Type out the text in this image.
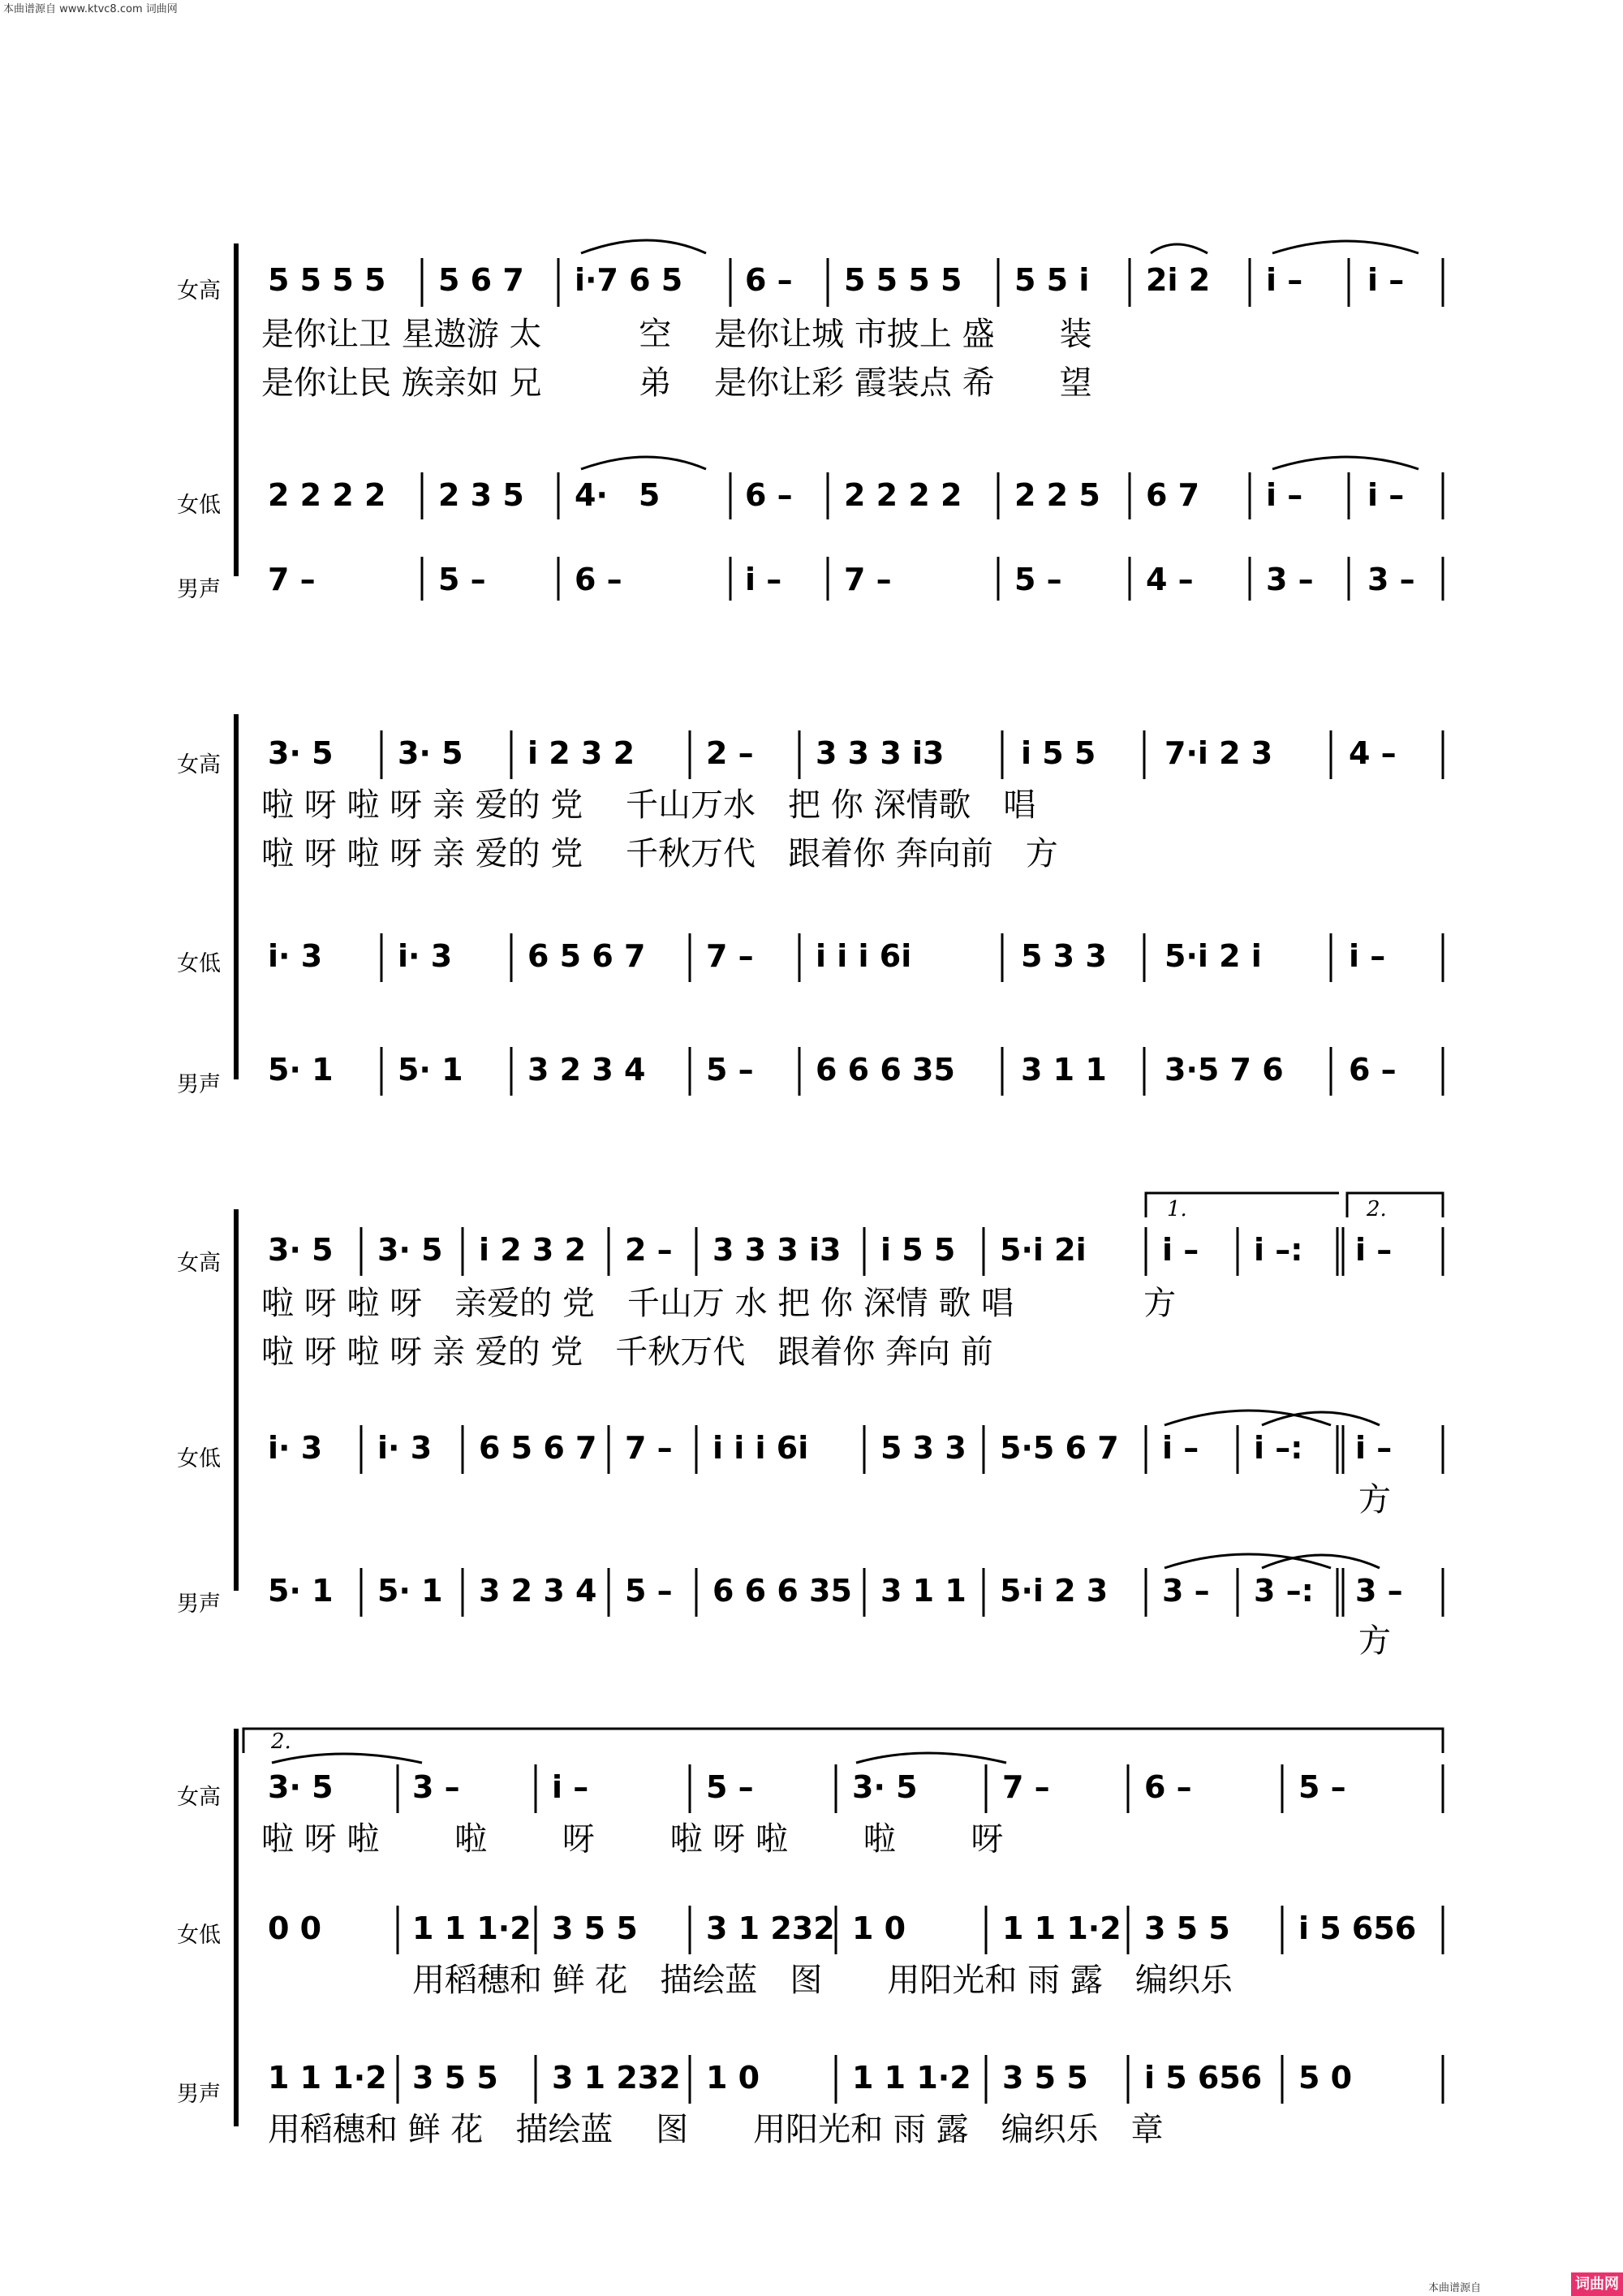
本曲谱源自 www.ktvc8.com 词曲网
女高
女低
男声
5 5 5 5 5 6 7 i·7 6 5 6 – 5 5 5 5 5 5 i 2i 2 i – i –
是你让卫 星遨游 太　　　空　 是你让城 市披上 盛　　装
是你让民 族亲如 兄　　　弟　 是你让彩 霞装点 希　　望
2 2 2 2 2 3 5 4·　5	6 – 2 2 2 2 2 2 5 6 7 i – i –
7 –	5 –	6 –	i – 7 –	5 –	4 – 3 – 3 –
女高
女低
男声
3· 5 3· 5 i 2 3 2 2 – 3 3 3 i3 i 5 5 7·i 2 3 4 –
啦 呀 啦 呀 亲 爱的 党　 千山万水　把 你 深情歌　唱
啦 呀 啦 呀 亲 爱的 党　 千秋万代　跟着你 奔向前　方
i· 3 i· 3 6 5 6 7 7 – i i i 6i	5 3 3 5·i 2 i	i –
5· 1 5· 1 3 2 3 4 5 – 6 6 6 35 3 1 1 3·5 7 6 6 –
女高
女低
男声
3· 5 3· 5 i 2 3 2 2 – 3 3 3 i3 i 5 5 5·i 2i i – i –: i –
啦 呀 啦 呀　亲爱的 党　千山万 水 把 你 深情 歌 唱　　　　方
啦 呀 啦 呀 亲 爱的 党　千秋万代　跟着你 奔向 前
1.	2.
i· 3 i· 3 6 5 6 7 7 – i i i 6i 5 3 3 5·5 6 7 i – i –: i –
方
5· 1 5· 1 3 2 3 4 5 – 6 6 6 35 3 1 1 5·i 2 3 3 – 3 –: 3 –
方
女高
女低
男声
2.
3· 5	3 –	i –	5 –	3· 5	7 –	6 –	5 –
啦 呀 啦　　 啦　　 呀　　 啦 呀 啦　　 啦　　 呀
0 0	1 1 1·2 3 5 5 3 1 232 1 0	1 1 1·2 3 5 5 i 5 656
用稻穗和 鲜 花　描绘蓝　图　　用阳光和 雨 露　编织乐
1 1 1·2 3 5 5 3 1 232 1 0	1 1 1·2 3 5 5 i 5 656 5 0
用稻穗和 鲜 花　描绘蓝　 图　　用阳光和 雨 露　编织乐　章
本曲谱源自	词曲网
